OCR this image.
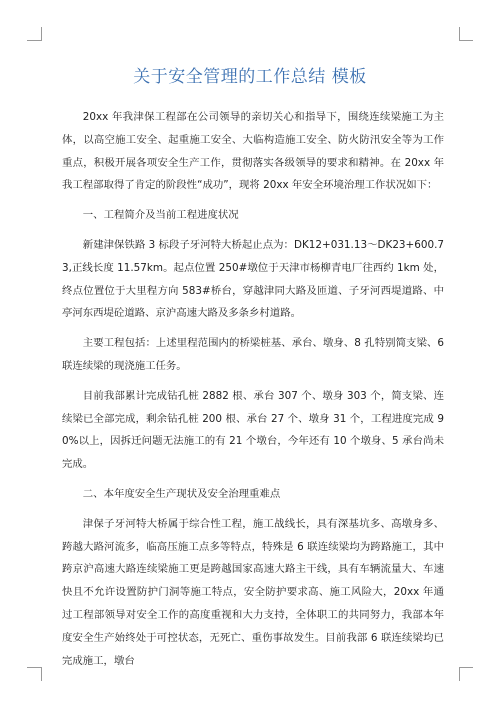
关于安全管理的工作总结 模板

20xx 年我津保工程部在公司领导的亲切关心和指导下，围绕连续梁施工为主体，以高空施工安全、起重施工安全、大临构造施工安全、防火防汛安全等为工作重点，积极开展各项安全生产工作，贯彻落实各级领导的要求和精神。在 20xx 年我工程部取得了肯定的阶段性“成功”，现将 20xx 年安全环境治理工作状况如下：

一、工程简介及当前工程进度状况

新建津保铁路 3 标段子牙河特大桥起止点为：DK12+031.13～DK23+600.73,正线长度 11.57km。起点位置 250#墩位于天津市杨柳青电厂往西约 1km 处，终点位置位于大里程方向 583#桥台，穿越津同大路及匝道、子牙河西堤道路、中亭河东西堤砼道路、京沪高速大路及多条乡村道路。

主要工程包括：上述里程范围内的桥梁桩基、承台、墩身、8 孔特别简支梁、6 联连续梁的现浇施工任务。

目前我部累计完成钻孔桩 2882 根、承台 307 个、墩身 303 个，简支梁、连续梁已全部完成，剩余钻孔桩 200 根、承台 27 个、墩身 31 个，工程进度完成 90%以上，因拆迁问题无法施工的有 21 个墩台，今年还有 10 个墩身、5 承台尚未完成。

二、本年度安全生产现状及安全治理重难点

津保子牙河特大桥属于综合性工程，施工战线长，具有深基坑多、高墩身多、跨越大路河流多，临高压施工点多等特点，特殊是 6 联连续梁均为跨路施工，其中跨京沪高速大路连续梁施工更是跨越国家高速大路主干线，具有车辆流量大、车速快且不允许设置防护门洞等施工特点，安全防护要求高、施工风险大，20xx 年通过工程部领导对安全工作的高度重视和大力支持，全体职工的共同努力，我部本年度安全生产始终处于可控状态，无死亡、重伤事故发生。目前我部 6 联连续梁均已完成施工，墩台
